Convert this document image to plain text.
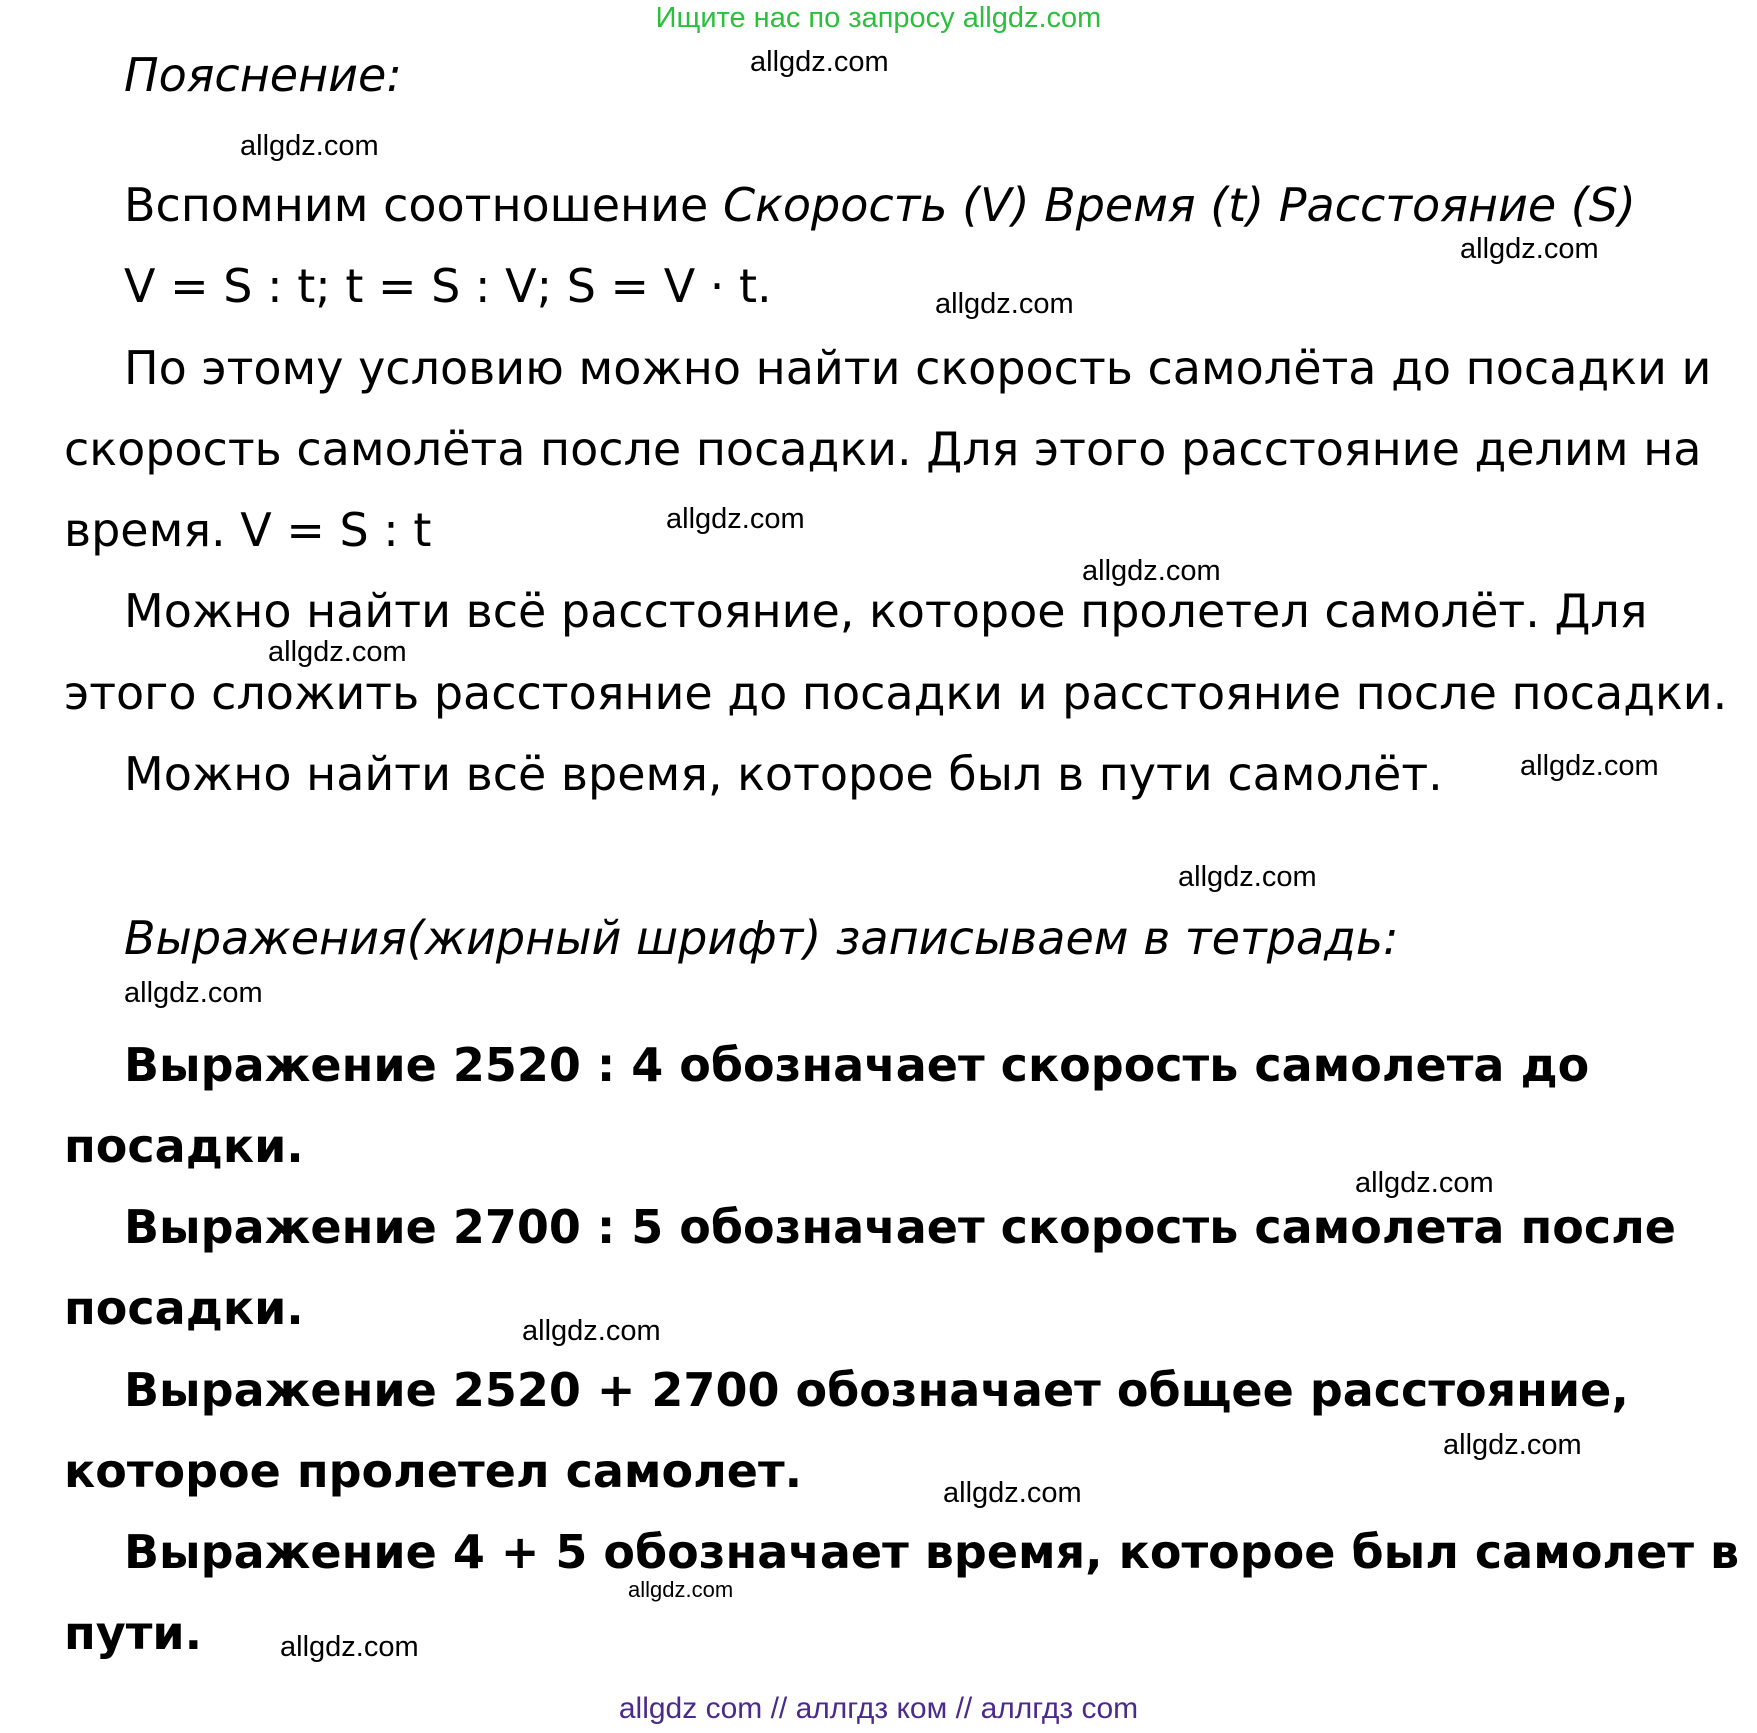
Ищите нас по запросу allgdz.com
Пояснение:
Вспомним соотношение Скорость (V) Время (t) Расстояние (S)
V = S : t; t = S : V; S = V · t.
По этому условию можно найти скорость самолёта до посадки и
скорость самолёта после посадки. Для этого расстояние делим на
время. V = S : t
Можно найти всё расстояние, которое пролетел самолёт. Для
этого сложить расстояние до посадки и расстояние после посадки.
Можно найти всё время, которое был в пути самолёт.
Выражения(жирный шрифт) записываем в тетрадь:
Выражение 2520 : 4 обозначает скорость самолета до
посадки.
Выражение 2700 : 5 обозначает скорость самолета после
посадки.
Выражение 2520 + 2700 обозначает общее расстояние,
которое пролетел самолет.
Выражение 4 + 5 обозначает время, которое был самолет в
пути.
allgdz.com
allgdz.com
allgdz.com
allgdz.com
allgdz.com
allgdz.com
allgdz.com
allgdz.com
allgdz.com
allgdz.com
allgdz.com
allgdz.com
allgdz.com
allgdz.com
allgdz.com
allgdz.com
allgdz com // аллгдз ком // аллгдз com
